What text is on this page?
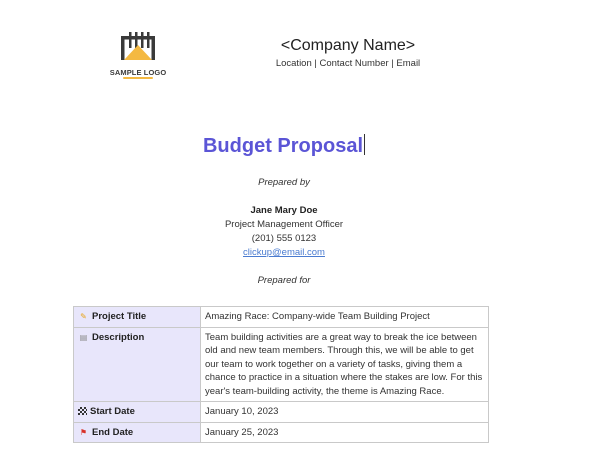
SAMPLE LOGO
<Company Name>
Location | Contact Number | Email
Budget Proposal
Prepared by
Jane Mary Doe
Project Management Officer
(201) 555 0123
clickup@email.com
Prepared for
✎ Project Title	Amazing Race: Company-wide Team Building Project
▤ Description	Team building activities are a great way to break the ice between old and new team members. Through this, we will be able to get our team to work together on a variety of tasks, giving them a chance to practice in a situation where the stakes are low. For this year's team-building activity, the theme is Amazing Race.
Start Date	January 10, 2023
⚑ End Date	January 25, 2023
